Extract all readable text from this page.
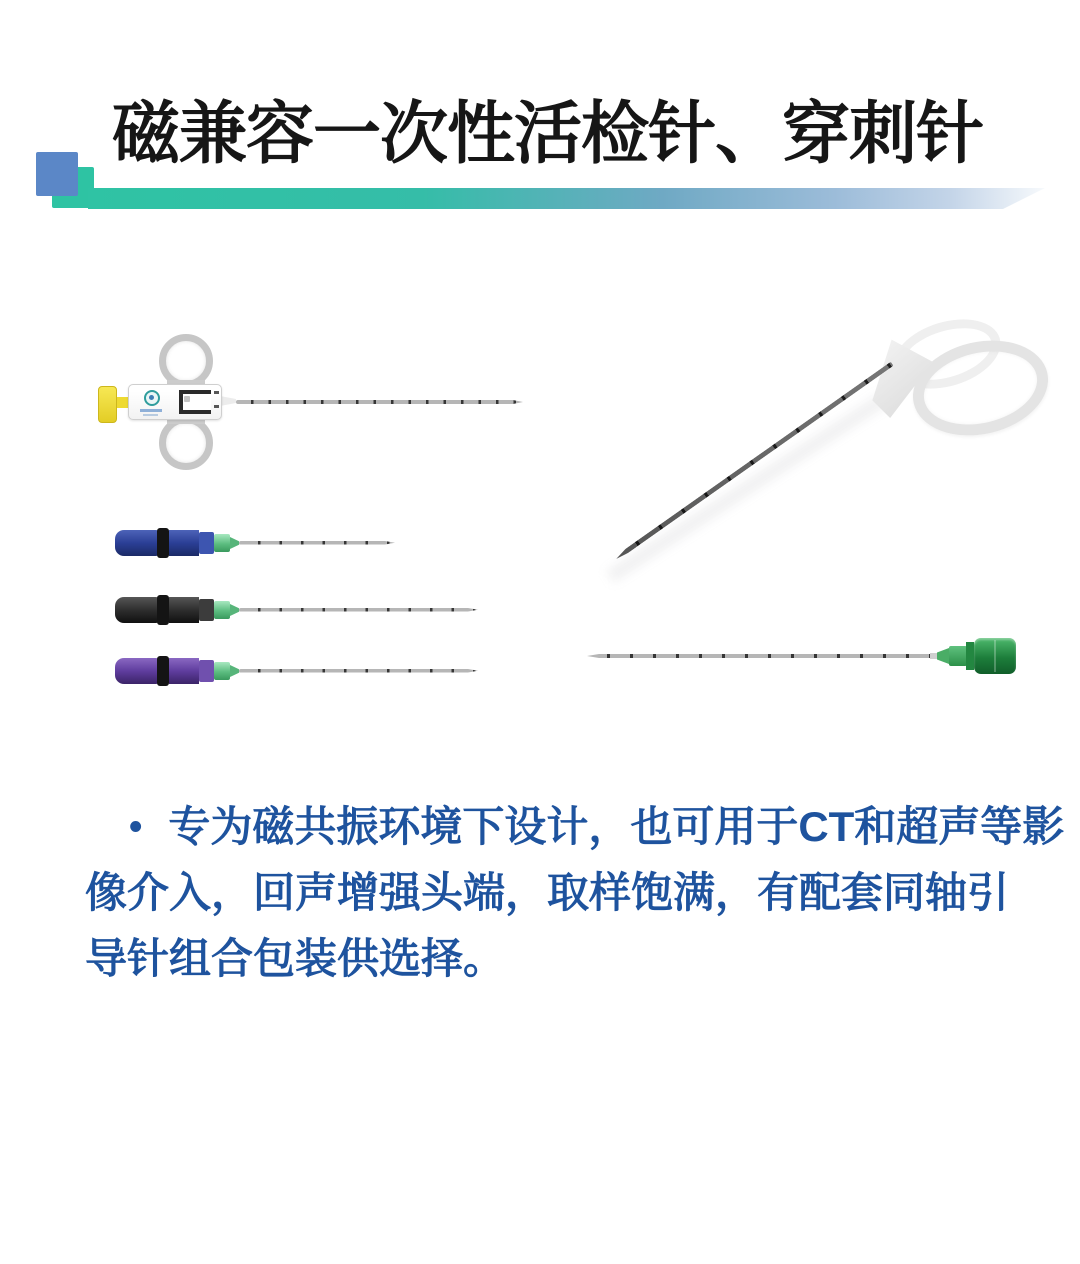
磁兼容一次性活检针、穿刺针
• 专为磁共振环境下设计，也可用于CT和超声等影
像介入，回声增强头端，取样饱满，有配套同轴引
导针组合包装供选择。
